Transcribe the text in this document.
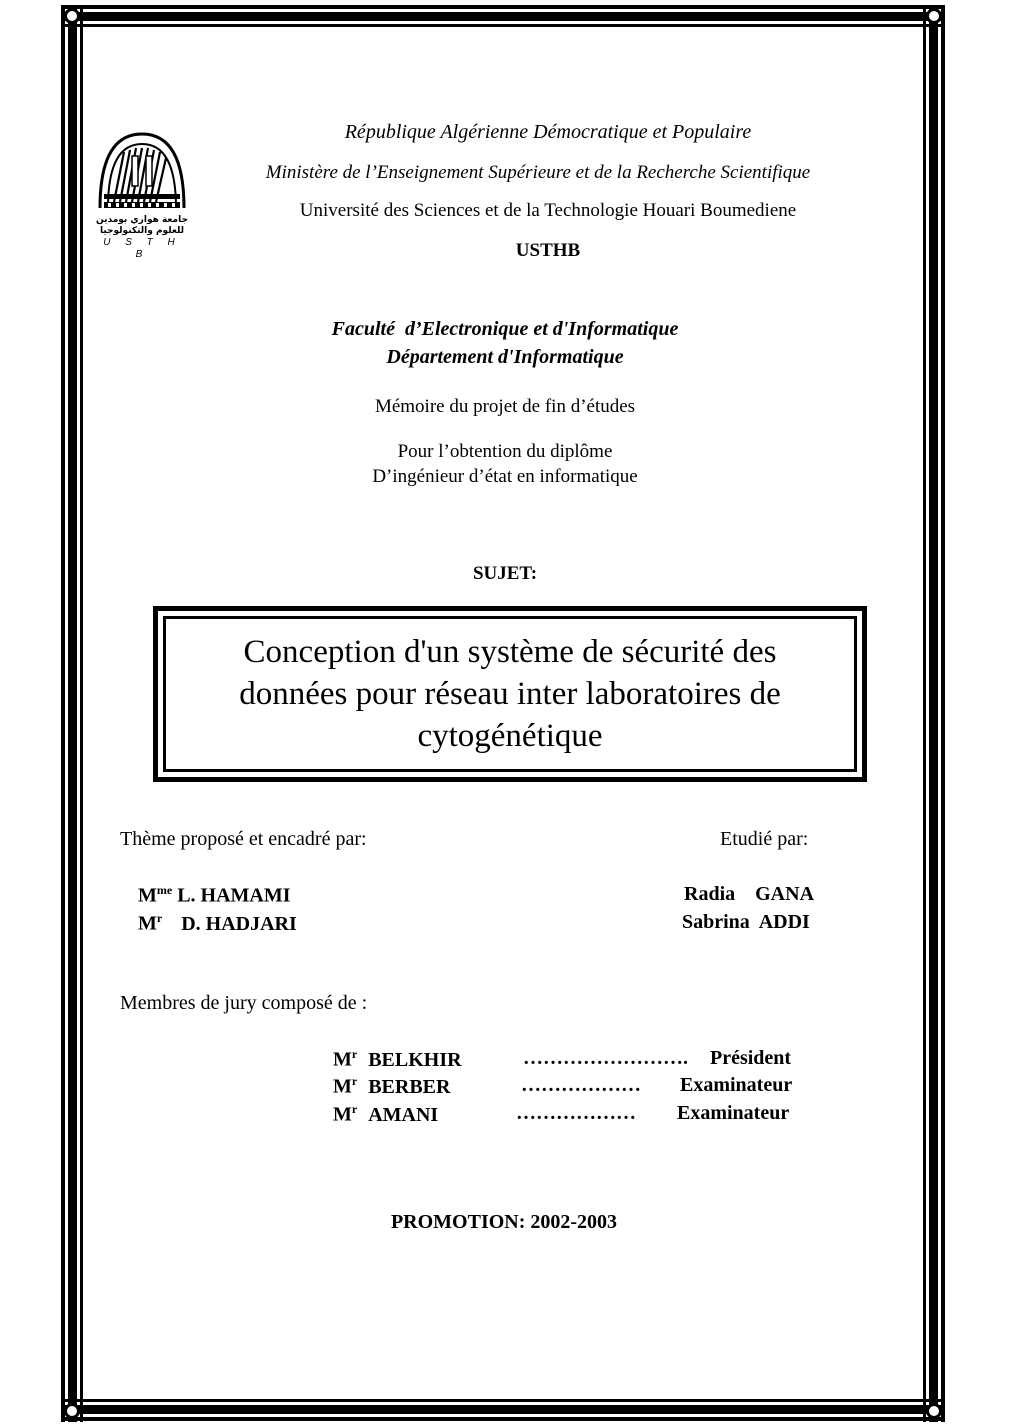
جامعة هواري بومدين
للعلوم والتكنولوجيا
U S T H B
République Algérienne Démocratique et Populaire
Ministère de l’Enseignement Supérieure et de la Recherche Scientifique
Université des Sciences et de la Technologie Houari Boumediene
USTHB
Faculté  d’Electronique et d'Informatique
Département d'Informatique
Mémoire du projet de fin d’études
Pour l’obtention du diplôme
D’ingénieur d’état en informatique
SUJET:
Conception d'un système de sécurité des données pour réseau inter laboratoires de cytogénétique
Thème proposé et encadré par:	Etudié par:
$M^{me}$ L. HAMAMI
$M^r$ D. HADJARI
Radia    GANA
Sabrina  ADDI
Membres de jury composé de :
$M^r$ BELKHIR	……………………. Président
$M^r$ BERBER	……………… Examinateur
$M^r$ AMANI	……………… Examinateur
PROMOTION: 2002-2003
